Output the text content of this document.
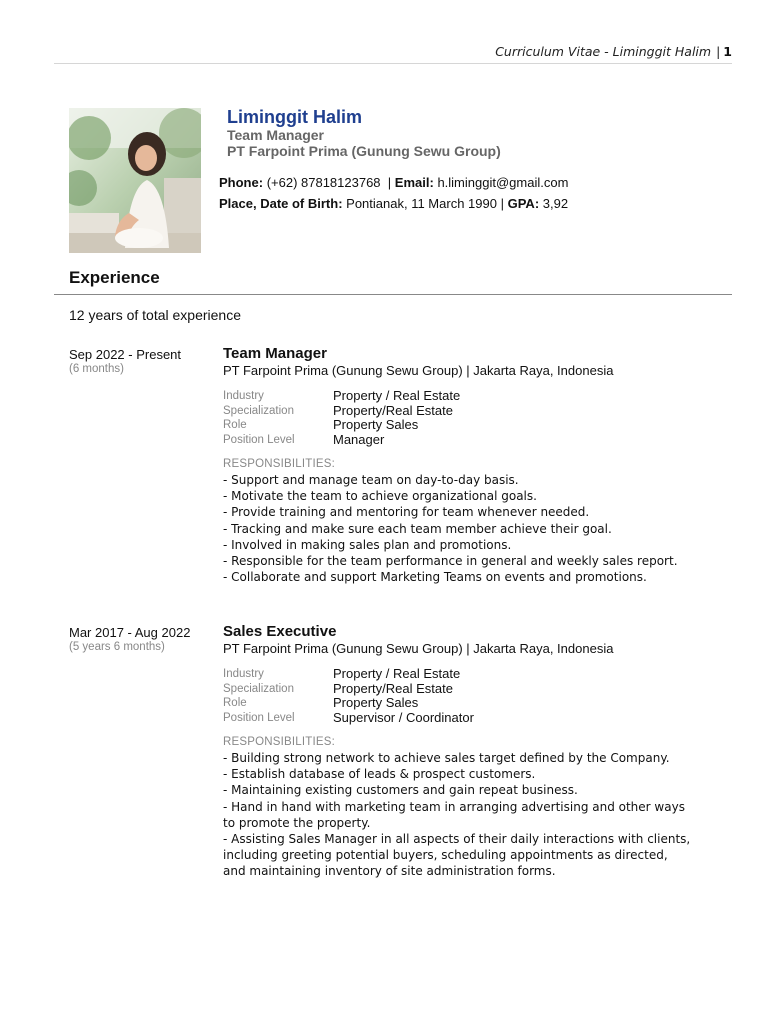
Curriculum Vitae - Liminggit Halim | 1
Liminggit Halim
Team Manager
PT Farpoint Prima (Gunung Sewu Group)
Phone: (+62) 87818123768  | Email: h.liminggit@gmail.com
Place, Date of Birth: Pontianak, 11 March 1990 | GPA: 3,92
Experience
12 years of total experience
Sep 2022 - Present
(6 months)
Team Manager
PT Farpoint Prima (Gunung Sewu Group) | Jakarta Raya, Indonesia
Industry	Property / Real Estate
Specialization	Property/Real Estate
Role	Property Sales
Position Level	Manager
RESPONSIBILITIES:
- Support and manage team on day-to-day basis.
- Motivate the team to achieve organizational goals.
- Provide training and mentoring for team whenever needed.
- Tracking and make sure each team member achieve their goal.
- Involved in making sales plan and promotions.
- Responsible for the team performance in general and weekly sales report.
- Collaborate and support Marketing Teams on events and promotions.
Mar 2017 - Aug 2022
(5 years 6 months)
Sales Executive
PT Farpoint Prima (Gunung Sewu Group) | Jakarta Raya, Indonesia
Industry	Property / Real Estate
Specialization	Property/Real Estate
Role	Property Sales
Position Level	Supervisor / Coordinator
RESPONSIBILITIES:
- Building strong network to achieve sales target defined by the Company.
- Establish database of leads & prospect customers.
- Maintaining existing customers and gain repeat business.
- Hand in hand with marketing team in arranging advertising and other ways to promote the property.
- Assisting Sales Manager in all aspects of their daily interactions with clients, including greeting potential buyers, scheduling appointments as directed, and maintaining inventory of site administration forms.
